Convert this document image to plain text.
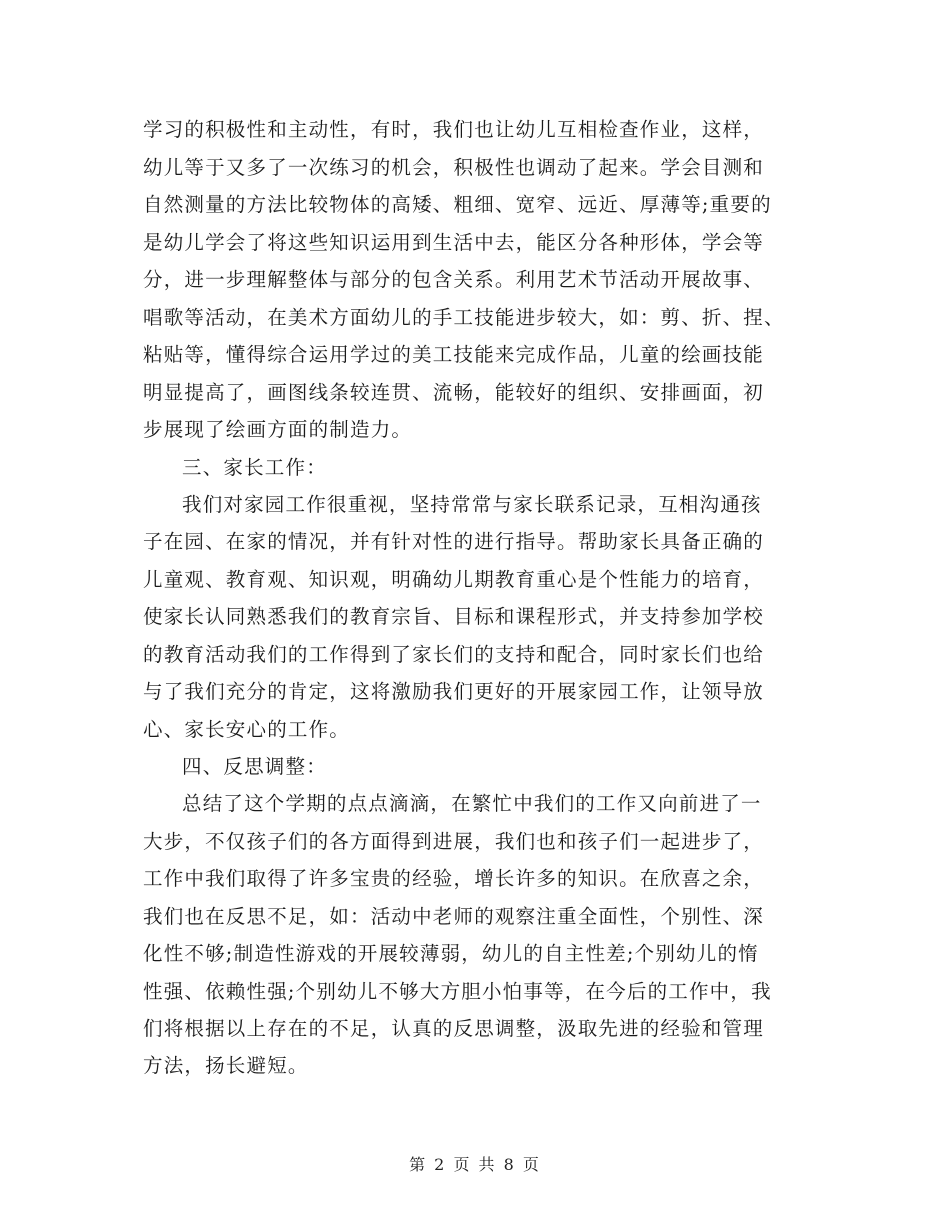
学习的积极性和主动性，有时，我们也让幼儿互相检查作业，这样，
幼儿等于又多了一次练习的机会，积极性也调动了起来。学会目测和
自然测量的方法比较物体的高矮、粗细、宽窄、远近、厚薄等;重要的
是幼儿学会了将这些知识运用到生活中去，能区分各种形体，学会等
分，进一步理解整体与部分的包含关系。利用艺术节活动开展故事、
唱歌等活动，在美术方面幼儿的手工技能进步较大，如：剪、折、捏、
粘贴等，懂得综合运用学过的美工技能来完成作品，儿童的绘画技能
明显提高了，画图线条较连贯、流畅，能较好的组织、安排画面，初
步展现了绘画方面的制造力。
三、家长工作：
我们对家园工作很重视，坚持常常与家长联系记录，互相沟通孩
子在园、在家的情况，并有针对性的进行指导。帮助家长具备正确的
儿童观、教育观、知识观，明确幼儿期教育重心是个性能力的培育，
使家长认同熟悉我们的教育宗旨、目标和课程形式，并支持参加学校
的教育活动我们的工作得到了家长们的支持和配合，同时家长们也给
与了我们充分的肯定，这将激励我们更好的开展家园工作，让领导放
心、家长安心的工作。
四、反思调整：
总结了这个学期的点点滴滴，在繁忙中我们的工作又向前进了一
大步，不仅孩子们的各方面得到进展，我们也和孩子们一起进步了，
工作中我们取得了许多宝贵的经验，增长许多的知识。在欣喜之余，
我们也在反思不足，如：活动中老师的观察注重全面性，个别性、深
化性不够;制造性游戏的开展较薄弱，幼儿的自主性差;个别幼儿的惰
性强、依赖性强;个别幼儿不够大方胆小怕事等，在今后的工作中，我
们将根据以上存在的不足，认真的反思调整，汲取先进的经验和管理
方法，扬长避短。
第 2 页 共 8 页
